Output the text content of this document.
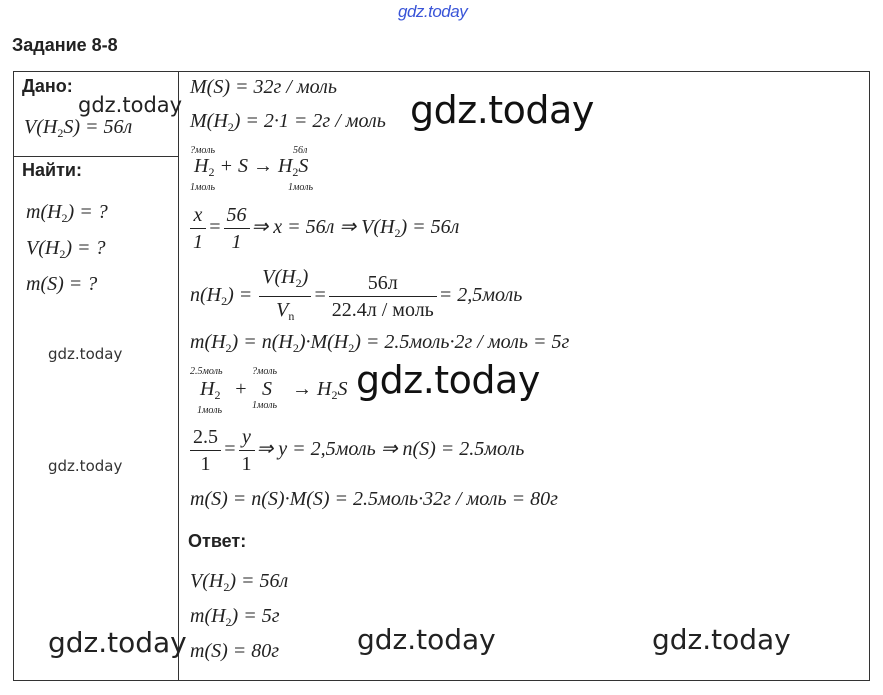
gdz.today
Задание 8-8
Дано:
$V(H_2S) = 56л$
Найти:
$m(H_2)$ = ?
$V(H_2)$ = ?
m(S) = ?
M(S) = 32г / моль
$M(H_2) = 2\cdot 1 = 2г$ / моль
?моль	56л
$H_2 + S \to H_2S$
1моль	1моль
$\frac{x}{1} = \frac{56}{1}$ ⇒ x = 56л ⇒ $V(H_2) = 56л$
$n(H_2) = \frac{V(H_2)}{V_n} = \frac{56л}{\text{22.4л / моль}}$ = 2,5моль
$m(H_2) = n(H_2)\cdot M(H_2)$ = 2.5моль·2г / моль = 5г
2.5моль	?моль
$H_2 + S \to H_2S$
1моль	1моль
$\frac{2.5}{1} = \frac{y}{1}$ ⇒ y = 2,5моль ⇒ n(S) = 2.5моль
m(S) = n(S)·M(S) = 2.5моль·32г / моль = 80г
Ответ:
$V(H_2) = 56л$
$m(H_2) = 5г$
m(S) = 80г
gdz.today	gdz.today
gdz.today
gdz.today
gdz.today
gdz.today	gdz.today	gdz.today
